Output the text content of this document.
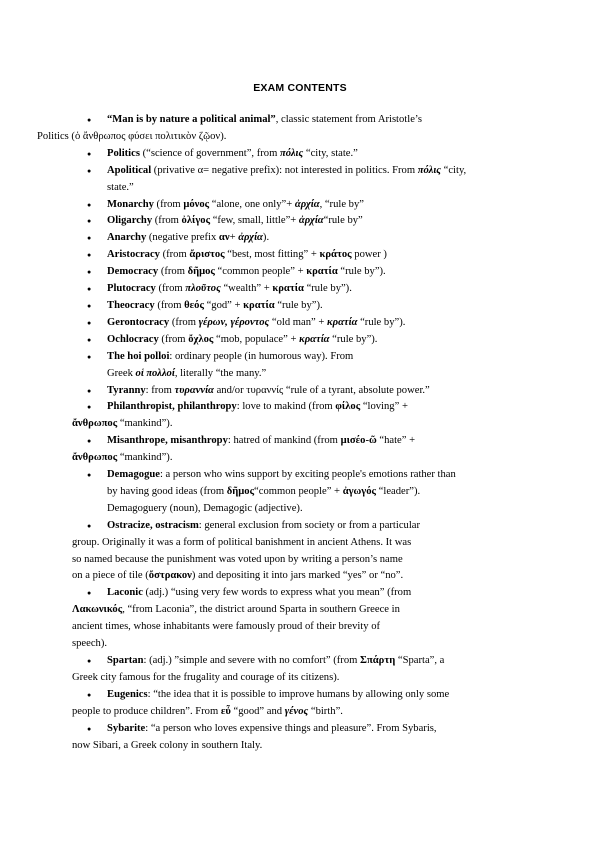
EXAM CONTENTS
● “Man is by nature a political animal”, classic statement from Aristotle’s
Politics (ὁ ἄνθρωπος φύσει πολιτικὸν ζῷον).
● Politics (“science of government”, from πόλις “city, state.”
● Apolitical (privative α= negative prefix): not interested in politics. From πόλις “city,
state.”
● Monarchy (from μόνος “alone, one only”+ ἀρχία, “rule by”
● Oligarchy (from ὀλίγος “few, small, little”+ ἀρχία“rule by”
● Anarchy (negative prefix αν+ ἀρχία).
● Aristocracy (from ἄριστος “best, most fitting” + κράτος power )
● Democracy (from δῆμος “common people” + κρατία “rule by”).
● Plutocracy (from πλοῦτος “wealth” + κρατία “rule by”).
● Theocracy (from θεός “god” + κρατία “rule by”).
● Gerontocracy (from γέρων, γέροντος “old man” + κρατία “rule by”).
● Ochlocracy (from ὄχλος “mob, populace” + κρατία “rule by”).
● The hoi polloi: ordinary people (in humorous way). From
Greek οἱ πολλοί, literally “the many.”
● Tyranny: from τυραννία and/or τυραννίς “rule of a tyrant, absolute power.”
● Philanthropist, philanthropy: love to makind (from φίλος “loving” +
ἄνθρωπος “mankind”).
● Misanthrope, misanthropy: hatred of mankind (from μισέο-ῶ “hate” +
ἄνθρωπος “mankind”).
● Demagogue: a person who wins support by exciting people's emotions rather than
by having good ideas (from δῆμος“common people” + ἀγωγός “leader”).
Demagoguery (noun), Demagogic (adjective).
● Ostracize, ostracism: general exclusion from society or from a particular
group. Originally it was a form of political banishment in ancient Athens. It was
so named because the punishment was voted upon by writing a person’s name
on a piece of tile (ὄστρακον) and depositing it into jars marked “yes” or “no”.
● Laconic (adj.) “using very few words to express what you mean” (from
Λακωνικός, “from Laconia”, the district around Sparta in southern Greece in
ancient times, whose inhabitants were famously proud of their brevity of
speech).
● Spartan: (adj.) ”simple and severe with no comfort” (from Σπάρτη “Sparta”, a
Greek city famous for the frugality and courage of its citizens).
● Eugenics: “the idea that it is possible to improve humans by allowing only some
people to produce children”. From εὖ “good” and γένος “birth”.
● Sybarite: “a person who loves expensive things and pleasure”. From Sybaris,
now Sibari, a Greek colony in southern Italy.
